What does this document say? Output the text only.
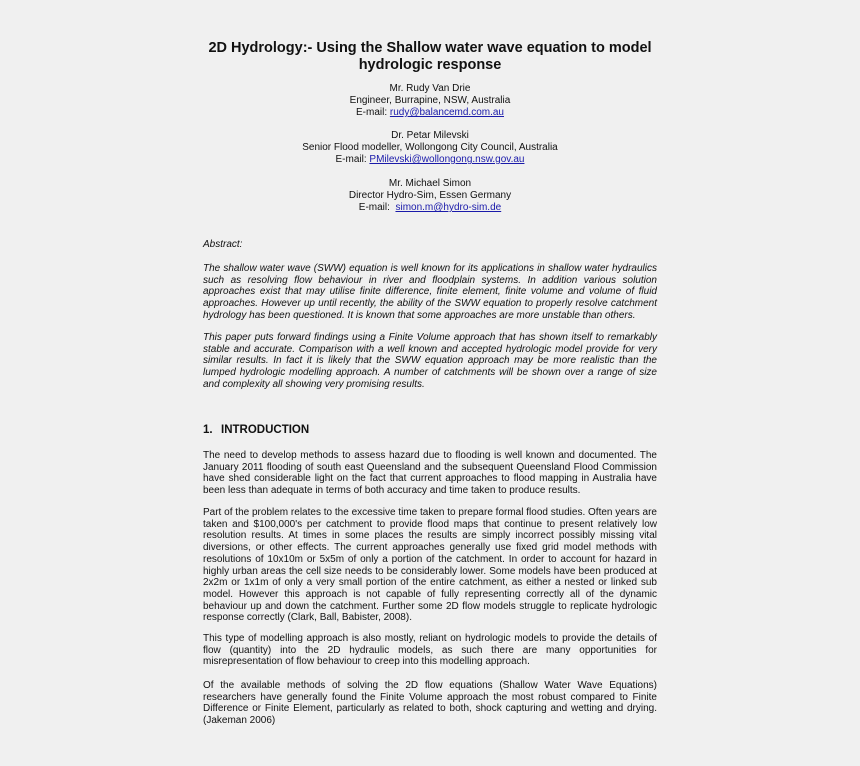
2D Hydrology:- Using the Shallow water wave equation to model hydrologic response
Mr. Rudy Van Drie
Engineer, Burrapine, NSW, Australia
E-mail: rudy@balancemd.com.au
Dr. Petar Milevski
Senior Flood modeller, Wollongong City Council, Australia
E-mail: PMilevski@wollongong.nsw.gov.au
Mr. Michael Simon
Director Hydro-Sim, Essen Germany
E-mail: simon.m@hydro-sim.de
Abstract:
The shallow water wave (SWW) equation is well known for its applications in shallow water hydraulics such as resolving flow behaviour in river and floodplain systems. In addition various solution approaches exist that may utilise finite difference, finite element, finite volume and volume of fluid approaches. However up until recently, the ability of the SWW equation to properly resolve catchment hydrology has been questioned. It is known that some approaches are more unstable than others.
This paper puts forward findings using a Finite Volume approach that has shown itself to remarkably stable and accurate. Comparison with a well known and accepted hydrologic model provide for very similar results. In fact it is likely that the SWW equation approach may be more realistic than the lumped hydrologic modelling approach. A number of catchments will be shown over a range of size and complexity all showing very promising results.
1. INTRODUCTION
The need to develop methods to assess hazard due to flooding is well known and documented. The January 2011 flooding of south east Queensland and the subsequent Queensland Flood Commission have shed considerable light on the fact that current approaches to flood mapping in Australia have been less than adequate in terms of both accuracy and time taken to produce results.
Part of the problem relates to the excessive time taken to prepare formal flood studies. Often years are taken and $100,000's per catchment to provide flood maps that continue to present relatively low resolution results. At times in some places the results are simply incorrect possibly missing vital diversions, or other effects. The current approaches generally use fixed grid model methods with resolutions of 10x10m or 5x5m of only a portion of the catchment. In order to account for hazard in highly urban areas the cell size needs to be considerably lower. Some models have been produced at 2x2m or 1x1m of only a very small portion of the entire catchment, as either a nested or linked sub model. However this approach is not capable of fully representing correctly all of the dynamic behaviour up and down the catchment. Further some 2D flow models struggle to replicate hydrologic response correctly (Clark, Ball, Babister, 2008).
This type of modelling approach is also mostly, reliant on hydrologic models to provide the details of flow (quantity) into the 2D hydraulic models, as such there are many opportunities for misrepresentation of flow behaviour to creep into this modelling approach.
Of the available methods of solving the 2D flow equations (Shallow Water Wave Equations) researchers have generally found the Finite Volume approach the most robust compared to Finite Difference or Finite Element, particularly as related to both, shock capturing and wetting and drying. (Jakeman 2006)
